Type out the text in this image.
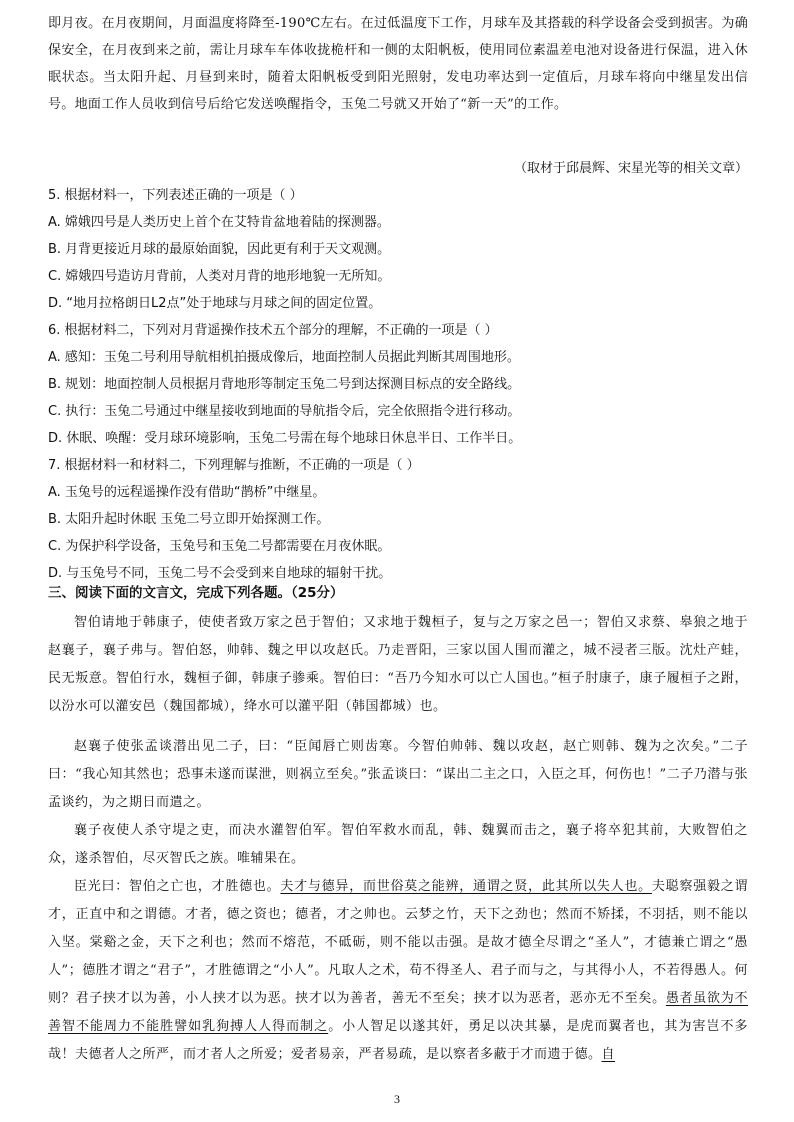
即月夜。在月夜期间，月面温度将降至-190℃左右。在过低温度下工作，月球车及其搭载的科学设备会受到损害。为确保安全，在月夜到来之前，需让月球车车体收拢桅杆和一侧的太阳帆板，使用同位素温差电池对设备进行保温，进入休眠状态。当太阳升起、月昼到来时，随着太阳帆板受到阳光照射，发电功率达到一定值后，月球车将向中继星发出信号。地面工作人员收到信号后给它发送唤醒指令，玉兔二号就又开始了“新一天”的工作。

（取材于邱晨辉、宋星光等的相关文章）
5. 根据材料一，下列表述正确的一项是（ ）
A. 嫦娥四号是人类历史上首个在艾特肯盆地着陆的探测器。
B. 月背更接近月球的最原始面貌，因此更有利于天文观测。
C. 嫦娥四号造访月背前，人类对月背的地形地貌一无所知。
D. “地月拉格朗日L2点”处于地球与月球之间的固定位置。
6. 根据材料二，下列对月背遥操作技术五个部分的理解，不正确的一项是（ ）
A. 感知：玉兔二号利用导航相机拍摄成像后，地面控制人员据此判断其周围地形。
B. 规划：地面控制人员根据月背地形等制定玉兔二号到达探测目标点的安全路线。
C. 执行：玉兔二号通过中继星接收到地面的导航指令后，完全依照指令进行移动。
D. 休眠、唤醒：受月球环境影响，玉兔二号需在每个地球日休息半日、工作半日。
7. 根据材料一和材料二，下列理解与推断，不正确的一项是（ ）
A. 玉兔号的远程遥操作没有借助“鹊桥”中继星。
B. 太阳升起时休眠 玉兔二号立即开始探测工作。
C. 为保护科学设备，玉兔号和玉兔二号都需要在月夜休眠。
D. 与玉兔号不同，玉兔二号不会受到来自地球的辐射干扰。
三、阅读下面的文言文，完成下列各题。（25分）

智伯请地于韩康子，使使者致万家之邑于智伯；又求地于魏桓子，复与之万家之邑一；智伯又求蔡、皋狼之地于赵襄子，襄子弗与。智伯怒，帅韩、魏之甲以攻赵氏。乃走晋阳，三家以国人围而灌之，城不浸者三版。沈灶产蛙，民无叛意。智伯行水，魏桓子御，韩康子骖乘。智伯曰：“吾乃今知水可以亡人国也。”桓子肘康子，康子履桓子之跗，以汾水可以灌安邑（魏国都城），绛水可以灌平阳（韩国都城）也。

赵襄子使张孟谈潜出见二子，曰：“臣闻唇亡则齿寒。今智伯帅韩、魏以攻赵，赵亡则韩、魏为之次矣。”二子曰：“我心知其然也；恐事未遂而谋泄，则祸立至矣。”张孟谈曰：“谋出二主之口，入臣之耳，何伤也！”二子乃潜与张孟谈约，为之期日而遣之。

襄子夜使人杀守堤之吏，而决水灌智伯军。智伯军救水而乱，韩、魏翼而击之，襄子将卒犯其前，大败智伯之众，遂杀智伯，尽灭智氏之族。唯辅果在。

臣光曰：智伯之亡也，才胜德也。夫才与德异，而世俗莫之能辨，通谓之贤，此其所以失人也。夫聪察强毅之谓才，正直中和之谓德。才者，德之资也；德者，才之帅也。云梦之竹，天下之劲也；然而不矫揉，不羽括，则不能以入坚。棠谿之金，天下之利也；然而不熔范，不砥砺，则不能以击强。是故才德全尽谓之“圣人”，才德兼亡谓之“愚人”；德胜才谓之“君子”，才胜德谓之“小人”。凡取人之术，苟不得圣人、君子而与之，与其得小人，不若得愚人。何则？君子挟才以为善，小人挟才以为恶。挟才以为善者，善无不至矣；挟才以为恶者，恶亦无不至矣。愚者虽欲为不善智不能周力不能胜譬如乳狗搏人人得而制之。小人智足以遂其奸，勇足以决其暴，是虎而翼者也，其为害岂不多哉！夫德者人之所严，而才者人之所爱；爱者易亲，严者易疏，是以察者多蔽于才而遗于德。自

3
